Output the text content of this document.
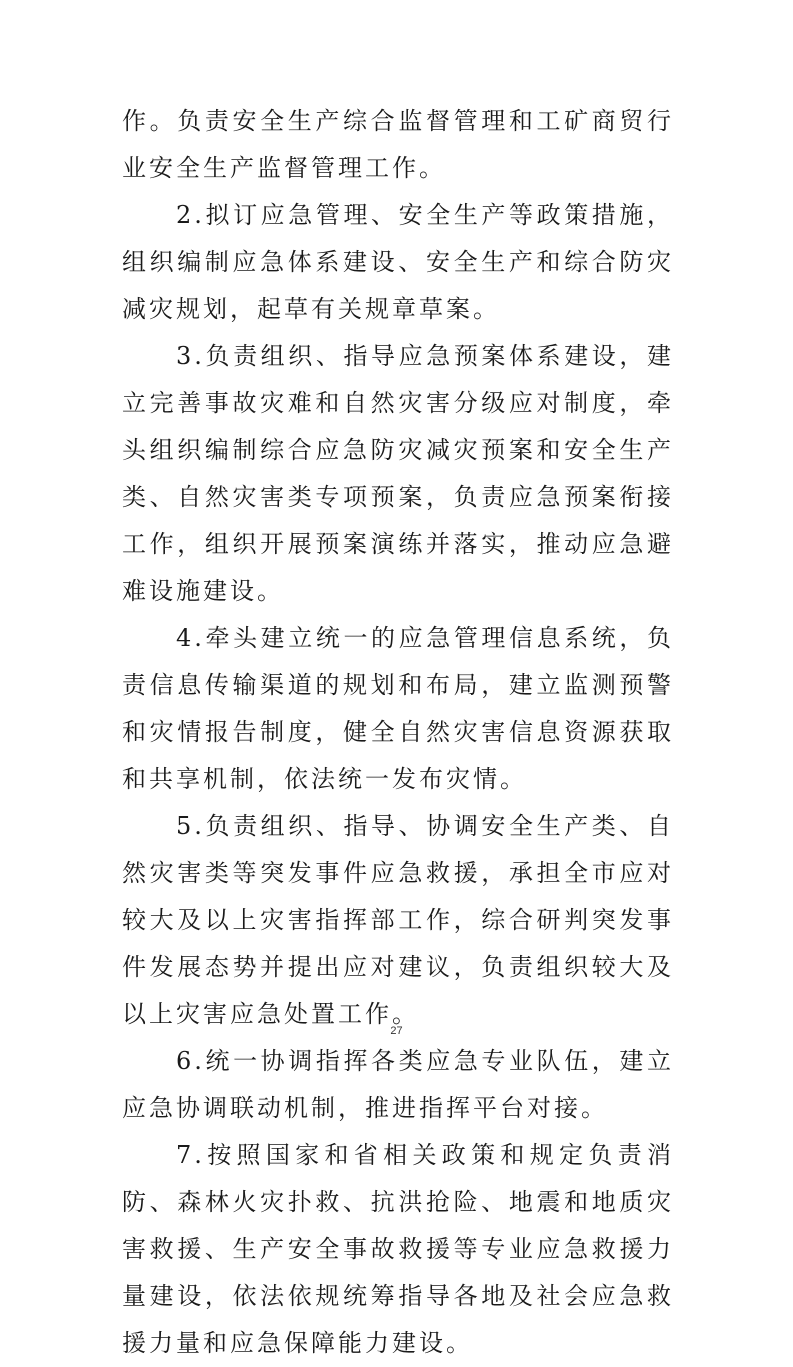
作。负责安全生产综合监督管理和工矿商贸行业安全生产监督管理工作。

2.拟订应急管理、安全生产等政策措施，组织编制应急体系建设、安全生产和综合防灾减灾规划，起草有关规章草案。

3.负责组织、指导应急预案体系建设，建立完善事故灾难和自然灾害分级应对制度，牵头组织编制综合应急防灾减灾预案和安全生产类、自然灾害类专项预案，负责应急预案衔接工作，组织开展预案演练并落实，推动应急避难设施建设。

4.牵头建立统一的应急管理信息系统，负责信息传输渠道的规划和布局，建立监测预警和灾情报告制度，健全自然灾害信息资源获取和共享机制，依法统一发布灾情。

5.负责组织、指导、协调安全生产类、自然灾害类等突发事件应急救援，承担全市应对较大及以上灾害指挥部工作，综合研判突发事件发展态势并提出应对建议，负责组织较大及以上灾害应急处置工作。

6.统一协调指挥各类应急专业队伍，建立应急协调联动机制，推进指挥平台对接。

7.按照国家和省相关政策和规定负责消防、森林火灾扑救、抗洪抢险、地震和地质灾害救援、生产安全事故救援等专业应急救援力量建设，依法依规统筹指导各地及社会应急救援力量和应急保障能力建设。

27
